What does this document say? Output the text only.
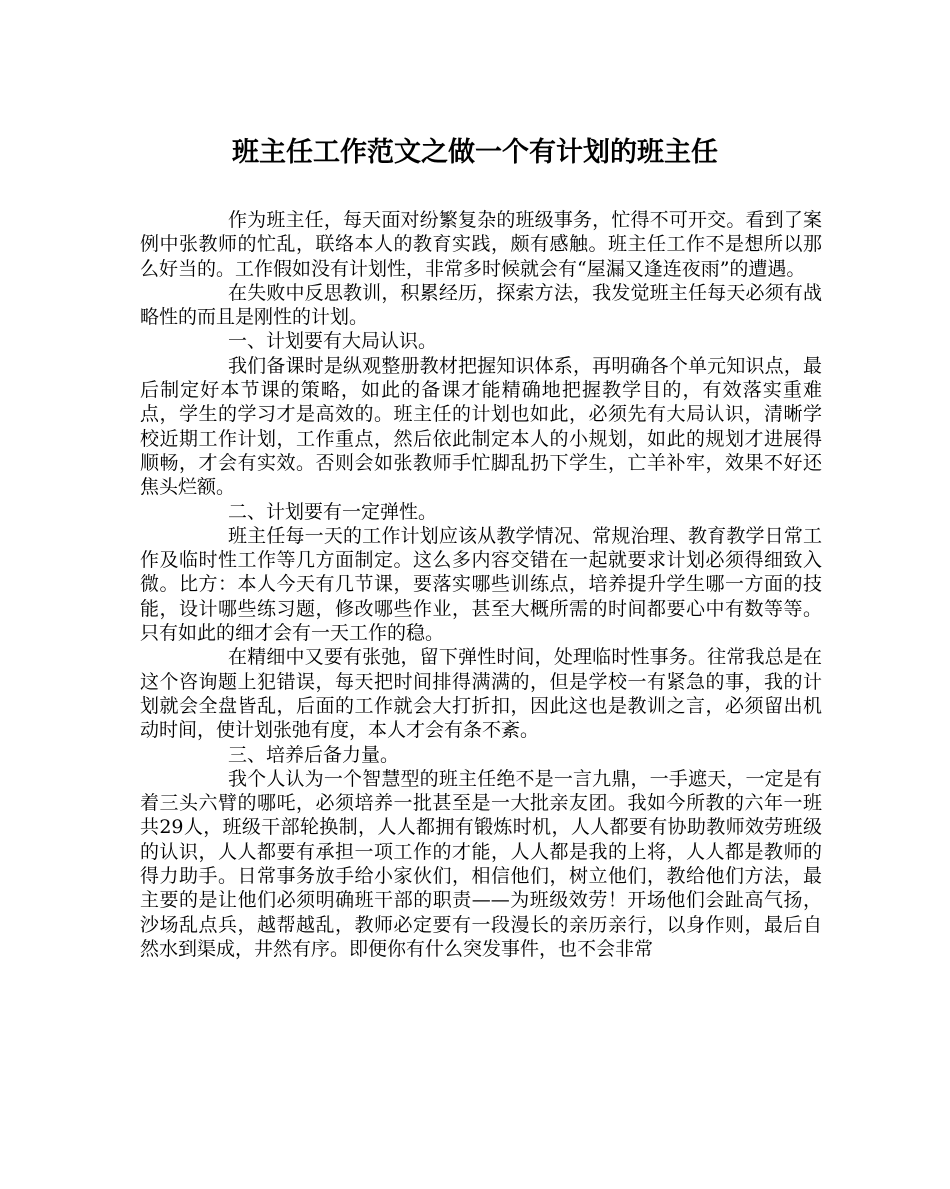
班主任工作范文之做一个有计划的班主任

作为班主任，每天面对纷繁复杂的班级事务，忙得不可开交。看到了案例中张教师的忙乱，联络本人的教育实践，颇有感触。班主任工作不是想所以那么好当的。工作假如没有计划性，非常多时候就会有“屋漏又逢连夜雨”的遭遇。

在失败中反思教训，积累经历，探索方法，我发觉班主任每天必须有战略性的而且是刚性的计划。

一、计划要有大局认识。

我们备课时是纵观整册教材把握知识体系，再明确各个单元知识点，最后制定好本节课的策略，如此的备课才能精确地把握教学目的，有效落实重难点，学生的学习才是高效的。班主任的计划也如此，必须先有大局认识，清晰学校近期工作计划，工作重点，然后依此制定本人的小规划，如此的规划才进展得顺畅，才会有实效。否则会如张教师手忙脚乱扔下学生，亡羊补牢，效果不好还焦头烂额。

二、计划要有一定弹性。

班主任每一天的工作计划应该从教学情况、常规治理、教育教学日常工作及临时性工作等几方面制定。这么多内容交错在一起就要求计划必须得细致入微。比方：本人今天有几节课，要落实哪些训练点，培养提升学生哪一方面的技能，设计哪些练习题，修改哪些作业，甚至大概所需的时间都要心中有数等等。只有如此的细才会有一天工作的稳。

在精细中又要有张弛，留下弹性时间，处理临时性事务。往常我总是在这个咨询题上犯错误，每天把时间排得满满的，但是学校一有紧急的事，我的计划就会全盘皆乱，后面的工作就会大打折扣，因此这也是教训之言，必须留出机动时间，使计划张弛有度，本人才会有条不紊。

三、培养后备力量。

我个人认为一个智慧型的班主任绝不是一言九鼎，一手遮天，一定是有着三头六臂的哪吒，必须培养一批甚至是一大批亲友团。我如今所教的六年一班共29人，班级干部轮换制，人人都拥有锻炼时机，人人都要有协助教师效劳班级的认识，人人都要有承担一项工作的才能，人人都是我的上将，人人都是教师的得力助手。日常事务放手给小家伙们，相信他们，树立他们，教给他们方法，最主要的是让他们必须明确班干部的职责——为班级效劳！开场他们会趾高气扬，沙场乱点兵，越帮越乱，教师必定要有一段漫长的亲历亲行，以身作则，最后自然水到渠成，井然有序。即便你有什么突发事件，也不会非常
